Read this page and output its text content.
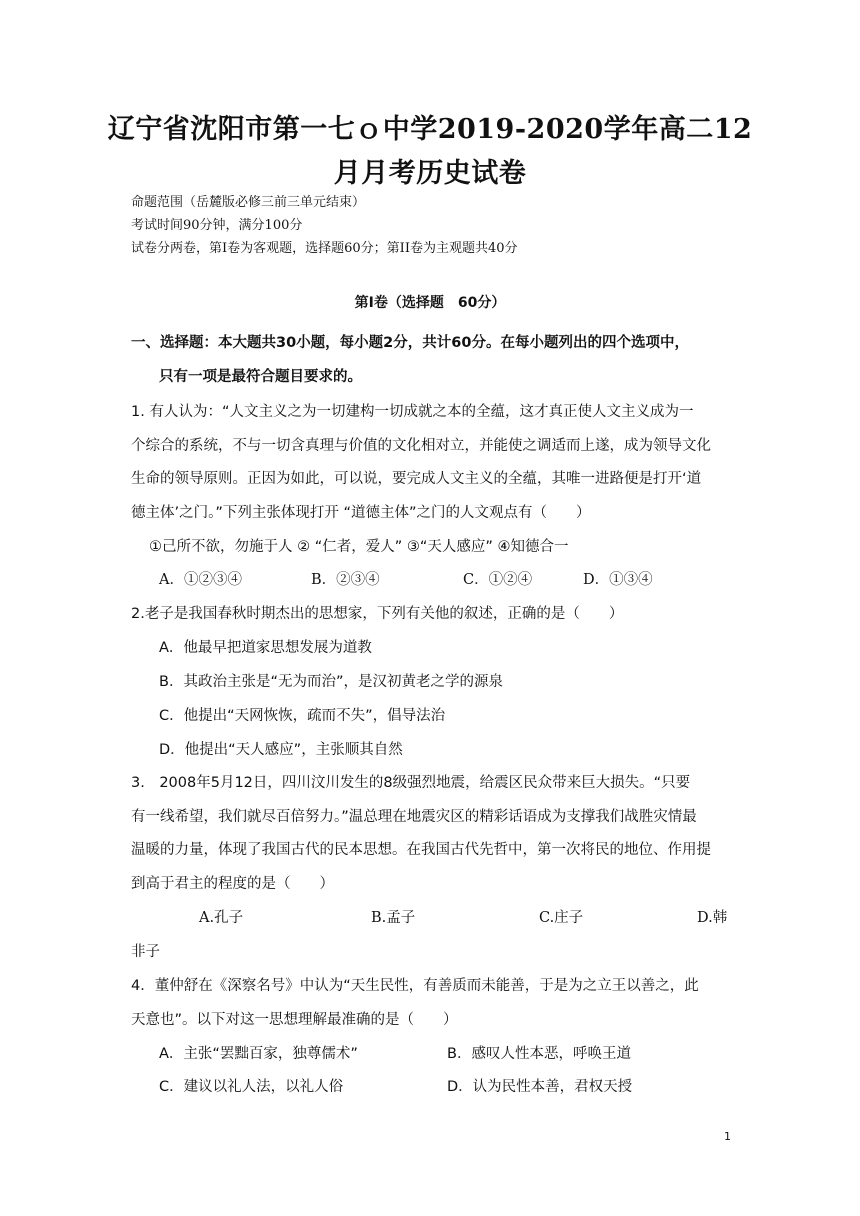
辽宁省沈阳市第一七ｏ中学2019-2020学年高二12
月月考历史试卷
命题范围（岳麓版必修三前三单元结束）
考试时间90分钟，满分100分
试卷分两卷，第Ⅰ卷为客观题，选择题60分；第II卷为主观题共40分
第Ⅰ卷（选择题　60分）
一、选择题：本大题共30小题，每小题2分，共计60分。在每小题列出的四个选项中，
只有一项是最符合题目要求的。
1. 有人认为：“人文主义之为一切建构一切成就之本的全蕴，这才真正使人文主义成为一
个综合的系统，不与一切含真理与价值的文化相对立，并能使之调适而上遂，成为领导文化
生命的领导原则。正因为如此，可以说，要完成人文主义的全蕴，其唯一进路便是打开‘道
德主体’之门。”下列主张体现打开 “道德主体”之门的人文观点有（　　）
①己所不欲，勿施于人 ② “仁者，爱人” ③“天人感应” ④知德合一
A．①②③④	B．②③④	C．①②④	D．①③④
2.老子是我国春秋时期杰出的思想家，下列有关他的叙述，正确的是（　　）
A．他最早把道家思想发展为道教
B．其政治主张是“无为而治”，是汉初黄老之学的源泉
C．他提出“天网恢恢，疏而不失”，倡导法治
D．他提出“天人感应”，主张顺其自然
3.　2008年5月12日，四川汶川发生的8级强烈地震，给震区民众带来巨大损失。“只要
有一线希望，我们就尽百倍努力。”温总理在地震灾区的精彩话语成为支撑我们战胜灾情最
温暖的力量，体现了我国古代的民本思想。在我国古代先哲中，第一次将民的地位、作用提
到高于君主的程度的是（　　）
A.孔子	B.孟子	C.庄子	D.韩
非子
4．董仲舒在《深察名号》中认为“天生民性，有善质而未能善，于是为之立王以善之，此
天意也”。以下对这一思想理解最准确的是（　　）
A．主张“罢黜百家，独尊儒术”	B．感叹人性本恶，呼唤王道
C．建议以礼人法，以礼人俗	D．认为民性本善，君权天授
1
